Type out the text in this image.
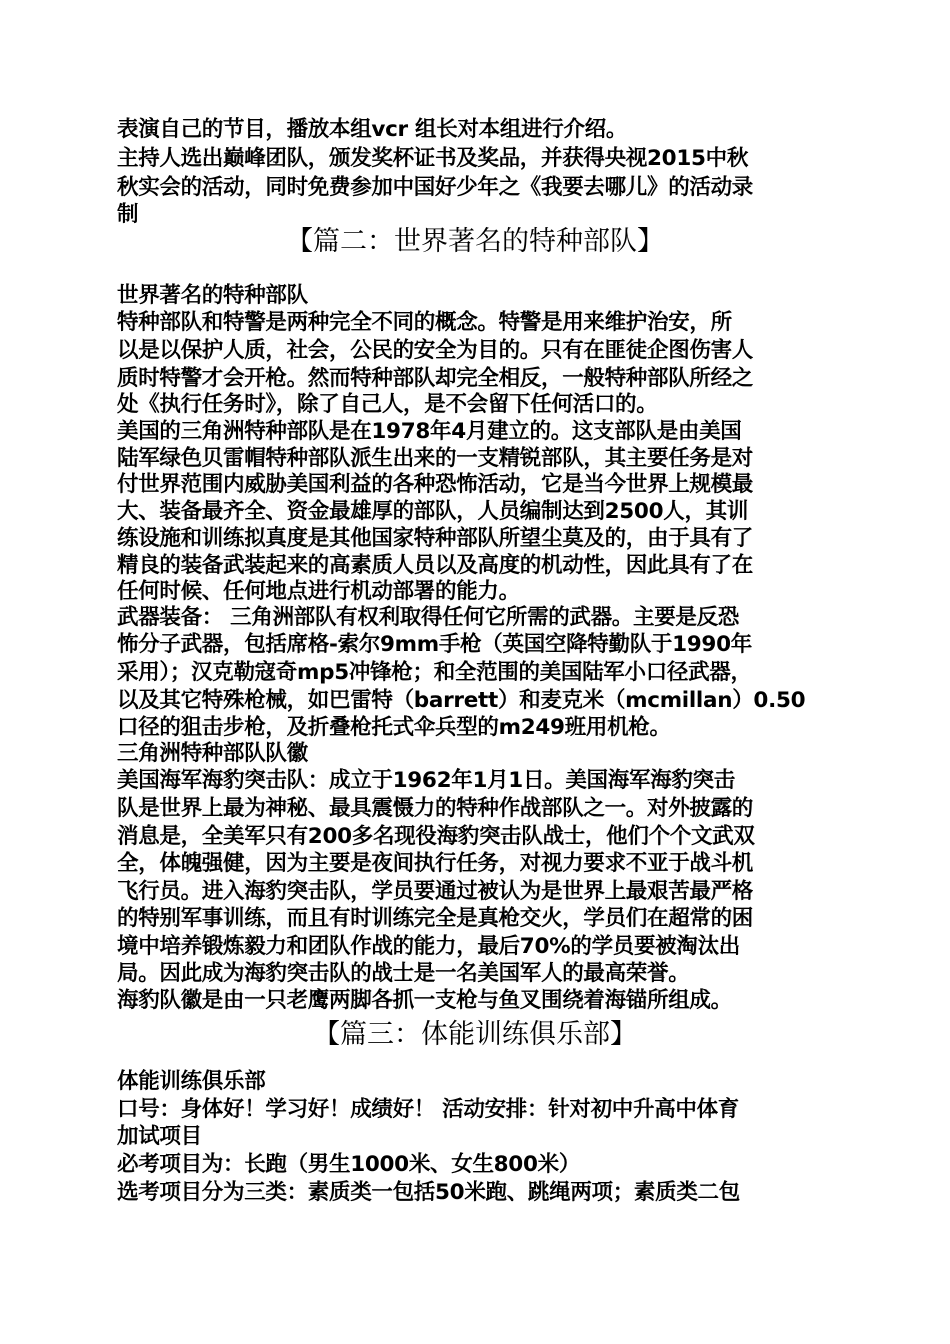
表演自己的节目，播放本组vcr 组长对本组进行介绍。
主持人选出巅峰团队，颁发奖杯证书及奖品，并获得央视2015中秋
秋实会的活动，同时免费参加中国好少年之《我要去哪儿》的活动录
制
【篇二：世界著名的特种部队】
世界著名的特种部队
特种部队和特警是两种完全不同的概念。特警是用来维护治安，所
以是以保护人质，社会，公民的安全为目的。只有在匪徒企图伤害人
质时特警才会开枪。然而特种部队却完全相反，一般特种部队所经之
处《执行任务时》，除了自己人，是不会留下任何活口的。
美国的三角洲特种部队是在1978年4月建立的。这支部队是由美国
陆军绿色贝雷帽特种部队派生出来的一支精锐部队，其主要任务是对
付世界范围内威胁美国利益的各种恐怖活动，它是当今世界上规模最
大、装备最齐全、资金最雄厚的部队，人员编制达到2500人，其训
练设施和训练拟真度是其他国家特种部队所望尘莫及的，由于具有了
精良的装备武装起来的高素质人员以及高度的机动性，因此具有了在
任何时候、任何地点进行机动部署的能力。
武器装备： 三角洲部队有权利取得任何它所需的武器。主要是反恐
怖分子武器，包括席格-索尔9mm手枪（英国空降特勤队于1990年
采用）；汉克勒寇奇mp5冲锋枪；和全范围的美国陆军小口径武器，
以及其它特殊枪械，如巴雷特（barrett）和麦克米（mcmillan）0.50
口径的狙击步枪，及折叠枪托式伞兵型的m249班用机枪。
三角洲特种部队队徽
美国海军海豹突击队：成立于1962年1月1日。美国海军海豹突击
队是世界上最为神秘、最具震慑力的特种作战部队之一。对外披露的
消息是，全美军只有200多名现役海豹突击队战士，他们个个文武双
全，体魄强健，因为主要是夜间执行任务，对视力要求不亚于战斗机
飞行员。进入海豹突击队，学员要通过被认为是世界上最艰苦最严格
的特别军事训练，而且有时训练完全是真枪交火，学员们在超常的困
境中培养锻炼毅力和团队作战的能力，最后70%的学员要被淘汰出
局。因此成为海豹突击队的战士是一名美国军人的最高荣誉。
海豹队徽是由一只老鹰两脚各抓一支枪与鱼叉围绕着海锚所组成。
【篇三：体能训练俱乐部】
体能训练俱乐部
口号：身体好！学习好！成绩好！ 活动安排：针对初中升高中体育
加试项目
必考项目为：长跑（男生1000米、女生800米）
选考项目分为三类：素质类一包括50米跑、跳绳两项；素质类二包
